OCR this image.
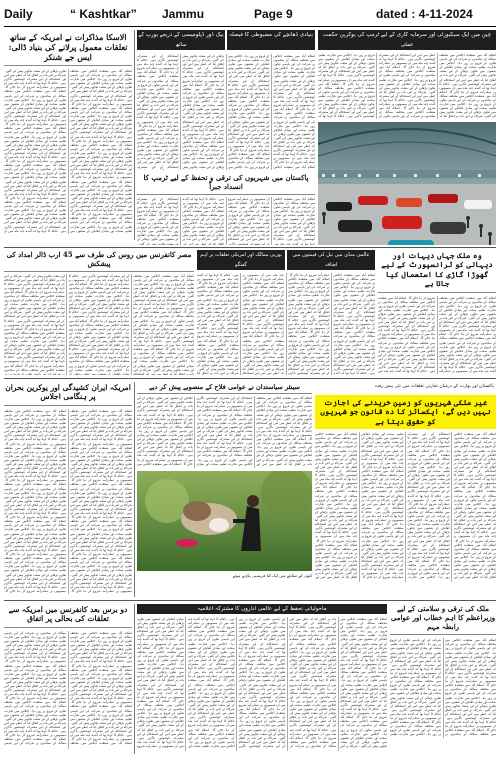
Daily	“ Kashtkar” Jammu	Page 9	dated : 4-11-2024
الاسکا مذاکرات نے امریکہ کے ساتھ تعلقات معمول پرلانے کی بنیاد ڈالی: ایس جے شنکر
اسلام آباد میں منعقدہ اجلاس میں مختلف ممالک کے نمائندوں نے شرکت کی اور باہمی تعاون کے فروغ پر زور دیا۔ اجلاس میں تجارت، تعلیم، صحت اور بنیادی ڈھانچے کے شعبوں میں تعاون بڑھانے کے لیے متعدد تجاویز پیش کی گئیں۔ شرکاء نے اس بات پر اتفاق کیا کہ خطے میں امن اور استحکام کے لیے مشترکہ کوششیں ناگزیر ہیں۔ حکام کا کہنا تھا کہ آئندہ چند ماہ میں ان منصوبوں پر عملدرآمد شروع کر دیا جائے گا۔ اسلام آباد میں منعقدہ اجلاس میں مختلف ممالک کے نمائندوں نے شرکت کی اور باہمی تعاون کے فروغ پر زور دیا۔ اجلاس میں تجارت، تعلیم، صحت اور بنیادی ڈھانچے کے شعبوں میں تعاون بڑھانے کے لیے متعدد تجاویز پیش کی گئیں۔ شرکاء نے اس بات پر اتفاق کیا کہ خطے میں امن اور استحکام کے لیے مشترکہ کوششیں ناگزیر ہیں۔ حکام کا کہنا تھا کہ آئندہ چند ماہ میں ان منصوبوں پر عملدرآمد شروع کر دیا جائے گا۔ اسلام آباد میں منعقدہ اجلاس میں مختلف ممالک کے نمائندوں نے شرکت کی اور باہمی تعاون کے فروغ پر زور دیا۔ اجلاس میں تجارت، تعلیم، صحت اور بنیادی ڈھانچے کے شعبوں میں تعاون بڑھانے کے لیے متعدد تجاویز پیش کی گئیں۔ شرکاء نے اس بات پر اتفاق کیا کہ خطے میں امن اور استحکام کے لیے مشترکہ کوششیں ناگزیر ہیں۔ حکام کا کہنا تھا کہ آئندہ چند ماہ میں ان منصوبوں پر عملدرآمد شروع کر دیا جائے گا۔ اسلام آباد میں منعقدہ اجلاس میں مختلف ممالک کے نمائندوں نے شرکت کی اور باہمی تعاون کے فروغ پر زور دیا۔ اجلاس میں تجارت، تعلیم، صحت اور بنیادی ڈھانچے کے شعبوں میں تعاون بڑھانے کے لیے متعدد تجاویز پیش کی گئیں۔ شرکاء نے اس بات پر اتفاق کیا کہ خطے میں امن اور استحکام کے لیے مشترکہ کوششیں ناگزیر ہیں۔ حکام کا کہنا تھا کہ آئندہ چند ماہ میں ان منصوبوں پر عملدرآمد شروع کر دیا جائے گا۔ اسلام آباد میں منعقدہ اجلاس میں مختلف ممالک کے نمائندوں نے شرکت کی اور باہمی تعاون کے فروغ پر زور دیا۔ اجلاس میں تجارت، تعلیم، صحت اور بنیادی ڈھانچے کے شعبوں میں تعاون بڑھانے کے لیے متعدد تجاویز پیش کی گئیں۔ شرکاء نے اس بات پر اتفاق کیا کہ خطے میں امن اور استحکام کے لیے مشترکہ کوششیں ناگزیر ہیں۔ حکام کا کہنا تھا کہ آئندہ چند ماہ میں ان منصوبوں پر عملدرآمد شروع کر دیا جائے گا۔ اسلام آباد میں منعقدہ اجلاس میں مختلف ممالک کے نمائندوں نے شرکت کی اور باہمی تعاون کے فروغ پر زور دیا۔ اجلاس میں تجارت، تعلیم، صحت اور بنیادی ڈھانچے کے شعبوں میں تعاون بڑھانے کے لیے متعدد تجاویز پیش کی گئیں۔ شرکاء نے اس بات پر اتفاق کیا کہ خطے میں امن اور استحکام کے لیے مشترکہ کوششیں ناگزیر ہیں۔ حکام کا کہنا تھا کہ آئندہ چند ماہ میں ان منصوبوں پر عملدرآمد شروع کر دیا جائے گا۔ اسلام آباد میں منعقدہ اجلاس میں مختلف ممالک کے نمائندوں نے شرکت کی اور باہمی تعاون کے فروغ پر زور دیا۔ اجلاس میں تجارت، تعلیم، صحت اور بنیادی ڈھانچے کے شعبوں میں تعاون بڑھانے کے لیے متعدد تجاویز پیش کی گئیں۔ شرکاء نے اس بات پر اتفاق کیا کہ خطے میں امن اور استحکام کے لیے مشترکہ کوششیں ناگزیر ہیں۔ حکام کا کہنا تھا کہ آئندہ چند ماہ میں ان منصوبوں پر عملدرآمد شروع کر دیا جائے گا۔ اسلام آباد میں منعقدہ اجلاس میں مختلف ممالک کے نمائندوں نے شرکت کی اور باہمی تعاون کے فروغ پر زور دیا۔ اجلاس میں تجارت، تعلیم، صحت اور بنیادی ڈھانچے کے شعبوں میں تعاون بڑھانے کے لیے متعدد تجاویز پیش کی گئیں۔ شرکاء نے اس بات پر اتفاق کیا کہ خطے میں امن اور استحکام کے لیے مشترکہ کوششیں ناگزیر ہیں۔ حکام کا کہنا تھا کہ آئندہ چند ماہ میں ان منصوبوں پر عملدرآمد شروع کر دیا جائے گا۔ اسلام آباد میں منعقدہ اجلاس میں مختلف ممالک کے نمائندوں نے شرکت کی اور باہمی تعاون کے فروغ پر زور دیا۔ اجلاس میں تجارت، تعلیم، صحت اور بنیادی ڈھانچے کے شعبوں میں تعاون بڑھانے کے لیے متعدد تجاویز پیش کی گئیں۔ شرکاء نے اس بات پر اتفاق کیا کہ خطے میں امن اور استحکام کے لیے مشترکہ کوششیں ناگزیر ہیں۔ حکام کا کہنا تھا کہ آئندہ چند ماہ میں ان
بیک ڈور ڈپلومیسی کے ذریعے یورپ کے ساتھ
بنیادی ڈھانچے کی مضبوطی کا فیصلہ
اسلام آباد میں منعقدہ اجلاس میں مختلف ممالک کے نمائندوں نے شرکت کی اور باہمی تعاون کے فروغ پر زور دیا۔ اجلاس میں تجارت، تعلیم، صحت اور بنیادی ڈھانچے کے شعبوں میں تعاون بڑھانے کے لیے متعدد تجاویز پیش کی گئیں۔ شرکاء نے اس بات پر اتفاق کیا کہ خطے میں امن اور استحکام کے لیے مشترکہ کوششیں ناگزیر ہیں۔ حکام کا کہنا تھا کہ آئندہ چند ماہ میں ان منصوبوں پر عملدرآمد شروع کر دیا جائے گا۔ اسلام آباد میں منعقدہ اجلاس میں مختلف ممالک کے نمائندوں نے شرکت کی اور باہمی تعاون کے فروغ پر زور دیا۔ اجلاس میں تجارت، تعلیم، صحت اور بنیادی ڈھانچے کے شعبوں میں تعاون بڑھانے کے لیے متعدد تجاویز پیش کی گئیں۔ شرکاء نے اس بات پر اتفاق کیا کہ خطے میں امن اور استحکام کے لیے مشترکہ کوششیں ناگزیر ہیں۔ حکام کا کہنا تھا کہ آئندہ چند ماہ میں ان منصوبوں پر عملدرآمد شروع کر دیا جائے گا۔ اسلام آباد میں منعقدہ اجلاس کے فروغ پر زور دیا۔ اجلاس میں تجارت، تعلیم، صحت اور بنیادی ڈھانچے کے شعبوں میں تعاون بڑھانے کے لیے متعدد تجاویز پیش کی گئیں۔ شرکاء نے اس بات پر اتفاق کیا کہ خطے میں امن اور استحکام کے لیے مشترکہ کوششیں ناگزیر ہیں۔ حکام کا کہنا تھا کہ آئندہ چند ماہ میں ان منصوبوں پر عملدرآمد شروع کر دیا جائے گا۔ اسلام آباد میں منعقدہ اجلاس میں مختلف ممالک کے نمائندوں نے شرکت کی اور باہمی تعاون کے فروغ پر زور دیا۔ اجلاس میں تجارت، تعلیم، صحت اور بنیادی ڈھانچے کے شعبوں میں تعاون بڑھانے کے لیے متعدد تجاویز پیش کی گئیں۔ شرکاء نے اس بات پر اتفاق کیا کہ خطے میں امن اور استحکام کے لیے مشترکہ کوششیں ناگزیر ہیں۔ حکام کا کہنا تھا کہ آئندہ چند ماہ میں ان منصوبوں پر عملدرآمد شروع کر دیا جائے گا۔ اسلام آباد میں منعقدہ اجلاس میں مختلف ممالک کے نمائندوں نے شرکت کی اور باہمی تعاون کے فروغ پر زور دیا۔ اجلاس میں بڑھانے کے لیے متعدد تجاویز پیش کی گئیں۔ شرکاء نے اس بات پر اتفاق کیا کہ خطے میں امن اور استحکام کے لیے مشترکہ کوششیں ناگزیر ہیں۔ حکام کا کہنا تھا کہ آئندہ چند ماہ میں ان منصوبوں پر عملدرآمد شروع کر دیا جائے گا۔ اسلام آباد میں منعقدہ اجلاس میں مختلف ممالک کے نمائندوں نے شرکت کی اور باہمی تعاون کے فروغ پر زور دیا۔ اجلاس میں تجارت، تعلیم، صحت اور بنیادی ڈھانچے کے شعبوں میں تعاون بڑھانے کے لیے متعدد تجاویز پیش کی گئیں۔ شرکاء نے اس بات پر اتفاق کیا کہ خطے میں امن اور استحکام کے لیے مشترکہ کوششیں ناگزیر ہیں۔ حکام کا کہنا تھا کہ آئندہ چند ماہ میں ان منصوبوں پر عملدرآمد شروع کر دیا جائے گا۔ اسلام آباد میں منعقدہ اجلاس میں مختلف ممالک کے نمائندوں نے شرکت کی اور باہمی تعاون کے فروغ پر زور دیا۔ اجلاس میں تجارت، تعلیم، صحت اور بنیادی ڈھانچے کے شعبوں میں تعاون بڑھانے کے لیے متعدد تجاویز پیش استحکام کے لیے مشترکہ کوششیں ناگزیر ہیں۔ حکام کا کہنا تھا کہ آئندہ چند ماہ میں ان منصوبوں پر عملدرآمد شروع کر دیا جائے گا۔ اسلام آباد میں منعقدہ اجلاس میں مختلف ممالک کے نمائندوں نے شرکت کی اور باہمی تعاون کے فروغ پر زور دیا۔ اجلاس میں تجارت، تعلیم، صحت اور بنیادی ڈھانچے کے شعبوں میں تعاون بڑھانے کے لیے متعدد تجاویز پیش کی گئیں۔ شرکاء نے اس بات پر اتفاق کیا کہ خطے میں امن اور استحکام کے لیے مشترکہ کوششیں ناگزیر ہیں۔ حکام کا کہنا تھا کہ آئندہ چند ماہ میں ان منصوبوں پر عملدرآمد شروع کر دیا جائے گا۔ اسلام آباد میں منعقدہ اجلاس میں مختلف ممالک کے نمائندوں نے شرکت کی اور باہمی تعاون کے فروغ پر زور دیا۔ اجلاس میں تجارت، تعلیم، صحت اور بنیادی ڈھانچے کے شعبوں میں تعاون بڑھانے کے لیے متعدد تجاویز پیش کی گئیں۔ شرکاء نے اس بات پر اتفاق کیا کہ خطے میں امن اور استحکام کے لیے مشترکہ
چین میں ایک سیکیورٹی اور سرمایہ کاری کے لیے ٹرمپ کی یوکرین حکمت عملی
اسلام آباد میں منعقدہ اجلاس میں مختلف ممالک کے نمائندوں نے شرکت کی اور باہمی تعاون کے فروغ پر زور دیا۔ اجلاس میں تجارت، تعلیم، صحت اور بنیادی ڈھانچے کے شعبوں میں تعاون بڑھانے کے لیے متعدد تجاویز پیش کی گئیں۔ شرکاء نے اس بات پر اتفاق کیا کہ خطے میں امن اور استحکام کے لیے مشترکہ کوششیں ناگزیر ہیں۔ حکام کا کہنا تھا کہ آئندہ چند ماہ میں ان منصوبوں پر عملدرآمد شروع کر دیا جائے گا۔ اسلام آباد میں منعقدہ اجلاس میں مختلف ممالک کے نمائندوں نے شرکت کی اور باہمی تعاون کے فروغ پر زور دیا۔ اجلاس میں تجارت، تعلیم، صحت اور بنیادی ڈھانچے کے شعبوں میں تعاون بڑھانے کے لیے متعدد تجاویز پیش کی گئیں۔ شرکاء نے اس بات پر اتفاق کیا کہ خطے میں امن اور استحکام کے لیے مشترکہ کوششیں ناگزیر ہیں۔ حکام کا کہنا تھا کہ آئندہ چند ماہ میں ان منصوبوں پر عملدرآمد شروع کر دیا جائے گا۔ اسلام آباد میں منعقدہ اجلاس میں مختلف ممالک کے نمائندوں نے شرکت کی اور باہمی تعاون کے فروغ پر زور دیا۔ اجلاس میں تجارت، تعلیم، صحت اور بنیادی ڈھانچے کے شعبوں میں تعاون بڑھانے کے لیے متعدد تجاویز پیش کی گئیں۔ شرکاء نے اس بات پر اتفاق کیا کہ خطے میں امن اور استحکام کے لیے مشترکہ کوششیں ناگزیر ہیں۔ حکام کا کہنا تھا کہ آئندہ چند ماہ میں ان منصوبوں پر عملدرآمد شروع کر دیا جائے گا۔ اسلام آباد میں منعقدہ اجلاس میں مختلف ممالک کے نمائندوں نے شرکت کی اور باہمی تعاون کے فروغ پر زور دیا۔ اجلاس میں تجارت، تعلیم، صحت اور بنیادی ڈھانچے کے شعبوں میں تعاون بڑھانے کے لیے متعدد تجاویز پیش کی گئیں۔ شرکاء نے اس بات پر اتفاق کیا کہ خطے میں امن اور استحکام کے لیے مشترکہ کوششیں ناگزیر ہیں۔ حکام کا کہنا تھا کہ آئندہ چند ماہ میں ان منصوبوں پر عملدرآمد شروع کر دیا جائے گا۔ اسلام آباد میں منعقدہ اجلاس میں مختلف ممالک کے نمائندوں نے شرکت کی اور باہمی تعاون کے فروغ پر زور دیا۔ اجلاس میں تجارت، تعلیم، صحت اور بنیادی ڈھانچے کے شعبوں میں تعاون بڑھانے کے لیے متعدد تجاویز پیش کی گئیں۔ شرکاء نے اس بات پر اتفاق کیا کہ خطے میں امن اور استحکام کے لیے مشترکہ کوششیں ناگزیر ہیں۔ حکام کا کہنا تھا کہ
پاکستان میں شہریوں کی ترقی و تحفظ کے لیے ٹرمپ کا انسداد جبراً
اسلام آباد میں منعقدہ اجلاس میں مختلف ممالک کے نمائندوں نے شرکت کی اور باہمی تعاون کے فروغ پر زور دیا۔ اجلاس میں تجارت، تعلیم، صحت اور بنیادی ڈھانچے کے شعبوں میں تعاون بڑھانے کے لیے متعدد تجاویز پیش کی گئیں۔ شرکاء نے اس بات پر اتفاق کیا کہ خطے میں امن اور استحکام کے لیے مشترکہ کوششیں ناگزیر ہیں۔ حکام کا کہنا تھا کہ آئندہ چند ماہ میں ان منصوبوں پر عملدرآمد شروع کر دیا جائے گا۔ اسلام آباد میں منعقدہ اجلاس میں مختلف ممالک کے نمائندوں نے شرکت کی اور باہمی تعاون کے فروغ پر زور دیا۔ اجلاس میں تجارت، تعلیم، صحت اور بنیادی ڈھانچے کے شعبوں میں تعاون بڑھانے کے لیے متعدد تجاویز پیش کی گئیں۔ شرکاء نے اس بات پر اتفاق کیا کہ خطے میں امن اور استحکام کے لیے مشترکہ کوششیں ناگزیر ہیں۔ حکام کا کہنا تھا کہ آئندہ چند ماہ میں ان منصوبوں پر عملدرآمد شروع کر دیا جائے گا۔ اسلام آباد میں منعقدہ اجلاس میں مختلف ممالک کے نمائندوں نے شرکت کی اور باہمی تعاون کے فروغ پر زور دیا۔ اجلاس میں تجارت، تعلیم، صحت اور بنیادی ڈھانچے کے شعبوں میں تعاون بڑھانے کے لیے متعدد تجاویز پیش کی گئیں۔ شرکاء نے اس بات پر اتفاق کیا کہ خطے میں امن اور استحکام کے لیے مشترکہ کوششیں ناگزیر ہیں۔ حکام کا کہنا تھا کہ آئندہ چند ماہ میں ان منصوبوں پر عملدرآمد شروع کر دیا جائے گا۔ اسلام آباد میں منعقدہ اجلاس میں مختلف ممالک کے نمائندوں نے شرکت کی اور باہمی تعاون کے فروغ پر زور دیا۔ اجلاس میں تجارت، تعلیم، صحت اور بنیادی ڈھانچے کے شعبوں میں تعاون بڑھانے کے لیے متعدد تجاویز پیش کی گئیں۔
مصر کانفرنس میں روس کی طرف سے 45 ارب ڈالر امداد کی پیشکش
اسلام آباد میں منعقدہ اجلاس میں مختلف ممالک کے نمائندوں نے شرکت کی اور باہمی تعاون کے فروغ پر زور دیا۔ اجلاس میں تجارت، تعلیم، صحت اور بنیادی ڈھانچے کے شعبوں میں تعاون بڑھانے کے لیے متعدد تجاویز پیش کی گئیں۔ شرکاء نے اس بات پر اتفاق کیا کہ خطے میں امن اور استحکام کے لیے مشترکہ کوششیں ناگزیر ہیں۔ حکام کا کہنا تھا کہ آئندہ چند ماہ میں ان منصوبوں پر عملدرآمد شروع کر دیا جائے گا۔ اسلام آباد میں منعقدہ اجلاس میں مختلف ممالک کے نمائندوں نے شرکت کی اور باہمی تعاون کے فروغ پر زور دیا۔ اجلاس میں تجارت، تعلیم، صحت اور بنیادی ڈھانچے کے شعبوں میں تعاون بڑھانے کے لیے متعدد تجاویز پیش کی گئیں۔ شرکاء نے اس بات پر اتفاق کیا کہ خطے میں امن اور استحکام کے لیے مشترکہ کوششیں ناگزیر ہیں۔ حکام کا کہنا تھا کہ آئندہ چند ماہ میں ان منصوبوں پر عملدرآمد شروع کر دیا جائے گا۔ اسلام آباد میں منعقدہ اجلاس میں مختلف ممالک کے نمائندوں نے شرکت کی اور باہمی تعاون کے فروغ پر زور دیا۔ اجلاس میں تجارت، تعلیم، صحت اور بنیادی ڈھانچے کے شعبوں میں تعاون بڑھانے کے لیے متعدد تجاویز پیش کی گئیں۔ شرکاء نے اس بات پر اتفاق کیا کہ خطے میں امن اور استحکام کے لیے مشترکہ کوششیں ناگزیر ہیں۔ حکام کا کہنا تھا کہ آئندہ چند ماہ میں ان منصوبوں پر عملدرآمد شروع کر دیا جائے گا۔ اسلام آباد میں منعقدہ اجلاس میں مختلف ممالک کے نمائندوں نے شرکت کی اور باہمی تعاون کے فروغ پر زور دیا۔ اجلاس میں تجارت، تعلیم، صحت اور بنیادی ڈھانچے کے شعبوں میں تعاون بڑھانے کے لیے متعدد تجاویز پیش کی گئیں۔ شرکاء نے اس بات پر اتفاق کیا کہ خطے میں امن اور استحکام کے لیے مشترکہ کوششیں ناگزیر ہیں۔ حکام کا کہنا تھا کہ آئندہ چند ماہ میں ان منصوبوں پر عملدرآمد شروع کر دیا جائے گا۔ اسلام آباد میں منعقدہ اجلاس میں مختلف ممالک کے نمائندوں نے شرکت کی اور باہمی تعاون کے فروغ پر زور دیا۔ اجلاس میں تجارت، تعلیم، صحت اور بنیادی ڈھانچے کے شعبوں میں تعاون بڑھانے کے لیے متعدد تجاویز پیش کی گئیں۔ شرکاء نے اس بات پر اتفاق کیا کہ خطے میں امن اور استحکام کے لیے مشترکہ کوششیں ناگزیر ہیں۔ حکام کا کہنا تھا کہ آئندہ چند ماہ میں ان منصوبوں پر عملدرآمد شروع کر دیا جائے گا۔ اسلام آباد میں منعقدہ اجلاس میں مختلف ممالک کے نمائندوں نے شرکت کی اور باہمی تعاون کے فروغ پر زور دیا۔ اجلاس میں تجارت، تعلیم، صحت اور بنیادی ڈھانچے کے شعبوں میں تعاون بڑھانے کے لیے متعدد تجاویز پیش کی گئیں۔ شرکاء نے اس بات پر اتفاق کیا کہ خطے میں امن اور استحکام کے لیے مشترکہ کوششیں ناگزیر ہیں۔ حکام کا کہنا تھا کہ آئندہ چند ماہ میں ان منصوبوں پر عملدرآمد شروع کر دیا جائے گا۔ اسلام آباد میں منعقدہ اجلاس میں مختلف ممالک کے نمائندوں نے شرکت کی اور باہمی تعاون کے فروغ پر زور دیا۔ اجلاس میں تجارت، تعلیم، صحت اور بنیادی ڈھانچے کے شعبوں میں تعاون بڑھانے کے لیے متعدد تجاویز پیش کی گئیں۔ شرکاء نے اس بات پر اتفاق کیا کہ خطے میں امن اور استحکام کے لیے مشترکہ کوششیں ناگزیر ہیں۔ حکام کا کہنا تھا کہ آئندہ چند ماہ میں ان منصوبوں پر عملدرآمد شروع کر دیا جائے گا۔ اسلام آباد میں منعقدہ اجلاس میں مختلف ممالک کے نمائندوں نے شرکت کی اور باہمی تعاون کے فروغ پر زور دیا۔ اجلاس میں تجارت، تعلیم، صحت اور بنیادی ڈھانچے کے شعبوں میں تعاون بڑھانے کے لیے متعدد تجاویز پیش کی گئیں۔ شرکاء نے اس بات پر اتفاق کیا کہ خطے میں امن اور استحکام کے لیے مشترکہ کوششیں ناگزیر ہیں۔ حکام کا کہنا تھا کہ آئندہ چند ماہ میں ان منصوبوں پر عملدرآمد شروع کر دیا جائے گا۔ اسلام آباد میں منعقدہ اجلاس میں مختلف ممالک کے نمائندوں نے شرکت کی اور باہمی تعاون کے فروغ پر زور
یورپی ممالک اور امریکی تعلقات پر اہم گفتگو
عالمی منڈی میں تیل کی قیمتوں میں اضافہ
اسلام آباد میں منعقدہ اجلاس میں مختلف ممالک کے نمائندوں نے شرکت کی اور باہمی تعاون کے فروغ پر زور دیا۔ اجلاس میں تجارت، تعلیم، صحت اور بنیادی ڈھانچے کے شعبوں میں تعاون بڑھانے کے لیے متعدد تجاویز پیش کی گئیں۔ شرکاء نے اس بات پر اتفاق کیا کہ خطے میں امن اور استحکام کے لیے مشترکہ کوششیں ناگزیر ہیں۔ حکام کا کہنا تھا کہ آئندہ چند ماہ میں ان منصوبوں پر عملدرآمد شروع کر دیا جائے گا۔ اسلام آباد میں منعقدہ اجلاس میں مختلف ممالک کے نمائندوں نے شرکت کی اور باہمی تعاون کے فروغ پر زور دیا۔ اجلاس میں تجارت، تعلیم، صحت اور بنیادی ڈھانچے کے شعبوں میں تعاون بڑھانے کے لیے متعدد تجاویز پیش کی گئیں۔ شرکاء نے اس بات پر اتفاق کیا کہ خطے میں امن اور استحکام کے لیے مشترکہ کوششیں ناگزیر ہیں۔ حکام کا کہنا تھا کہ آئندہ عملدرآمد شروع کر دیا جائے گا۔ اسلام آباد میں منعقدہ اجلاس میں مختلف ممالک کے نمائندوں نے شرکت کی اور باہمی تعاون کے فروغ پر زور دیا۔ اجلاس میں تجارت، تعلیم، صحت اور بنیادی ڈھانچے کے شعبوں میں تعاون بڑھانے کے لیے متعدد تجاویز پیش کی گئیں۔ شرکاء نے اس بات پر اتفاق کیا کہ خطے میں امن اور استحکام کے لیے مشترکہ کوششیں ناگزیر ہیں۔ حکام کا کہنا تھا کہ آئندہ چند ماہ میں ان منصوبوں پر عملدرآمد شروع کر دیا جائے گا۔ اسلام آباد میں منعقدہ اجلاس میں مختلف ممالک کے نمائندوں نے شرکت کی اور باہمی تعاون کے فروغ پر زور دیا۔ اجلاس میں تجارت، تعلیم، صحت اور بنیادی ڈھانچے کے شعبوں میں تعاون بڑھانے کے لیے متعدد تجاویز پیش کی گئیں۔ شرکاء نے اس بات پر اتفاق کیا کہ خطے میں امن اور استحکام کے لیے مشترکہ کوششیں ناگزیر چند ماہ میں ان منصوبوں پر عملدرآمد شروع کر دیا جائے گا۔ اسلام آباد میں منعقدہ اجلاس میں مختلف ممالک کے نمائندوں نے شرکت کی اور باہمی تعاون کے فروغ پر زور دیا۔ اجلاس میں تجارت، تعلیم، صحت اور بنیادی ڈھانچے کے شعبوں میں تعاون بڑھانے کے لیے متعدد تجاویز پیش کی گئیں۔ شرکاء نے اس بات پر اتفاق کیا کہ خطے میں امن اور استحکام کے لیے مشترکہ کوششیں ناگزیر ہیں۔ حکام کا کہنا تھا کہ آئندہ چند ماہ میں ان منصوبوں پر عملدرآمد شروع کر دیا جائے گا۔ اسلام آباد میں منعقدہ اجلاس میں مختلف ممالک کے نمائندوں نے شرکت کی اور باہمی تعاون کے فروغ پر زور دیا۔ اجلاس میں تجارت، تعلیم، صحت اور بنیادی ڈھانچے کے شعبوں میں تعاون بڑھانے کے لیے متعدد تجاویز پیش کی گئیں۔ شرکاء نے اس بات پر اتفاق کیا کہ خطے میں امن اور استحکام ہیں۔ حکام کا کہنا تھا کہ آئندہ چند ماہ میں ان منصوبوں پر عملدرآمد شروع کر دیا جائے گا۔ اسلام آباد میں منعقدہ اجلاس میں مختلف ممالک کے نمائندوں نے شرکت کی اور باہمی تعاون کے فروغ پر زور دیا۔ اجلاس میں تجارت، تعلیم، صحت اور بنیادی ڈھانچے کے شعبوں میں تعاون بڑھانے کے لیے متعدد تجاویز پیش کی گئیں۔ شرکاء نے اس بات پر اتفاق کیا کہ خطے میں امن اور استحکام کے لیے مشترکہ کوششیں ناگزیر ہیں۔ حکام کا کہنا تھا کہ آئندہ چند ماہ میں ان منصوبوں پر عملدرآمد شروع کر دیا جائے گا۔ اسلام آباد میں منعقدہ اجلاس میں مختلف ممالک کے نمائندوں نے شرکت کی اور باہمی تعاون کے فروغ پر زور دیا۔ اجلاس میں تجارت، تعلیم، صحت اور بنیادی ڈھانچے کے شعبوں میں تعاون بڑھانے کے لیے متعدد تجاویز پیش کی گئیں۔ شرکاء نے اس بات پر اتفاق کیا
وہ ملک جہاں دیہات اور دیہاتی کو ٹرانسپورٹ کے لیے گھوڑا گاڑی کا استعمال کیا جاتا ہے
اسلام آباد میں منعقدہ اجلاس میں مختلف ممالک کے نمائندوں نے شرکت کی اور باہمی تعاون کے فروغ پر زور دیا۔ اجلاس میں تجارت، تعلیم، صحت اور بنیادی ڈھانچے کے شعبوں میں تعاون بڑھانے کے لیے متعدد تجاویز پیش کی گئیں۔ شرکاء نے اس بات پر اتفاق کیا کہ خطے میں امن اور استحکام کے لیے مشترکہ کوششیں ناگزیر ہیں۔ حکام کا کہنا تھا کہ آئندہ چند ماہ میں ان منصوبوں پر عملدرآمد شروع کر دیا جائے گا۔ اسلام آباد میں منعقدہ اجلاس میں مختلف ممالک کے نمائندوں نے شرکت کی اور باہمی تعاون کے فروغ پر زور دیا۔ اجلاس میں تجارت، تعلیم، صحت اور بنیادی ڈھانچے کے شعبوں میں تعاون بڑھانے کے لیے متعدد تجاویز پیش کی گئیں۔ شرکاء نے اس بات پر اتفاق کیا کہ خطے میں امن اور استحکام کے لیے مشترکہ کوششیں ناگزیر ہیں۔ حکام کا کہنا تھا کہ آئندہ چند ماہ میں ان منصوبوں پر عملدرآمد شروع کر دیا جائے گا۔ اسلام آباد میں منعقدہ اجلاس میں مختلف ممالک کے نمائندوں نے شرکت کی اور باہمی تعاون کے فروغ پر زور دیا۔ اجلاس میں تجارت، تعلیم، صحت اور بنیادی ڈھانچے کے شعبوں میں تعاون بڑھانے کے لیے متعدد تجاویز پیش کی گئیں۔ شرکاء نے اس بات پر اتفاق کیا کہ خطے میں امن اور استحکام کے لیے مشترکہ کوششیں ناگزیر ہیں۔ حکام کا کہنا تھا کہ آئندہ چند ماہ میں ان منصوبوں پر عملدرآمد شروع کر دیا جائے گا۔ اسلام آباد میں منعقدہ اجلاس میں مختلف ممالک کے نمائندوں نے شرکت کی اور باہمی تعاون کے فروغ پر زور دیا۔ اجلاس میں تجارت، تعلیم، صحت اور بنیادی ڈھانچے کے شعبوں میں تعاون بڑھانے کے لیے متعدد تجاویز پیش کی گئیں۔ شرکاء نے اس بات پر اتفاق کیا کہ خطے میں امن اور استحکام کے لیے مشترکہ کوششیں ناگزیر ہیں۔ حکام کا کہنا تھا کہ آئندہ چند ماہ میں
امریکہ ایران کشیدگی اور یوکرین بحران پر ہنگامی اجلاس
اسلام آباد میں منعقدہ اجلاس میں مختلف ممالک کے نمائندوں نے شرکت کی اور باہمی تعاون کے فروغ پر زور دیا۔ اجلاس میں تجارت، تعلیم، صحت اور بنیادی ڈھانچے کے شعبوں میں تعاون بڑھانے کے لیے متعدد تجاویز پیش کی گئیں۔ شرکاء نے اس بات پر اتفاق کیا کہ خطے میں امن اور استحکام کے لیے مشترکہ کوششیں ناگزیر ہیں۔ حکام کا کہنا تھا کہ آئندہ چند ماہ میں ان منصوبوں پر عملدرآمد شروع کر دیا جائے گا۔ اسلام آباد میں منعقدہ اجلاس میں مختلف ممالک کے نمائندوں نے شرکت کی اور باہمی تعاون کے فروغ پر زور دیا۔ اجلاس میں تجارت، تعلیم، صحت اور بنیادی ڈھانچے کے شعبوں میں تعاون بڑھانے کے لیے متعدد تجاویز پیش کی گئیں۔ شرکاء نے اس بات پر اتفاق کیا کہ خطے میں امن اور استحکام کے لیے مشترکہ کوششیں ناگزیر ہیں۔ حکام کا کہنا تھا کہ آئندہ چند ماہ میں ان منصوبوں پر عملدرآمد شروع کر دیا جائے گا۔ اسلام آباد میں منعقدہ اجلاس میں مختلف ممالک کے نمائندوں نے شرکت کی اور باہمی تعاون کے فروغ پر زور دیا۔ اجلاس میں تجارت، تعلیم، صحت اور بنیادی ڈھانچے کے شعبوں میں تعاون بڑھانے کے لیے متعدد تجاویز پیش کی گئیں۔ شرکاء نے اس بات پر اتفاق کیا کہ خطے میں امن اور استحکام کے لیے مشترکہ کوششیں ناگزیر ہیں۔ حکام کا کہنا تھا کہ آئندہ چند ماہ میں ان منصوبوں پر عملدرآمد شروع کر دیا جائے گا۔ اسلام آباد میں منعقدہ اجلاس میں مختلف ممالک کے نمائندوں نے شرکت کی اور باہمی تعاون کے فروغ پر زور دیا۔ اجلاس میں تجارت، تعلیم، صحت اور بنیادی ڈھانچے کے شعبوں میں تعاون بڑھانے کے لیے متعدد تجاویز پیش کی گئیں۔ شرکاء نے اس بات پر اتفاق کیا کہ خطے میں امن اور استحکام کے لیے مشترکہ کوششیں ناگزیر ہیں۔ حکام کا کہنا تھا کہ آئندہ چند ماہ میں ان منصوبوں پر عملدرآمد شروع کر دیا جائے گا۔ اسلام آباد میں منعقدہ اجلاس میں مختلف ممالک کے نمائندوں نے شرکت کی اور باہمی تعاون کے فروغ پر زور دیا۔ اجلاس میں تجارت، تعلیم، صحت اور بنیادی ڈھانچے کے شعبوں میں تعاون بڑھانے کے لیے متعدد تجاویز پیش کی گئیں۔ شرکاء نے اس بات پر اتفاق کیا کہ خطے میں امن اور استحکام کے لیے مشترکہ کوششیں ناگزیر ہیں۔ حکام کا کہنا تھا کہ آئندہ چند ماہ میں ان منصوبوں پر عملدرآمد شروع کر دیا جائے گا۔ اسلام آباد میں منعقدہ اجلاس میں مختلف ممالک کے نمائندوں نے شرکت کی اور باہمی تعاون کے فروغ پر زور دیا۔ اجلاس میں تجارت، تعلیم، صحت اور بنیادی ڈھانچے کے شعبوں میں تعاون بڑھانے کے لیے متعدد تجاویز پیش کی گئیں۔ شرکاء نے اس بات پر اتفاق کیا کہ خطے میں امن اور استحکام کے لیے مشترکہ کوششیں ناگزیر ہیں۔ حکام کا کہنا تھا کہ آئندہ چند ماہ میں ان منصوبوں پر عملدرآمد شروع کر دیا جائے گا۔ اسلام آباد میں منعقدہ اجلاس میں مختلف ممالک کے نمائندوں نے شرکت کی اور باہمی تعاون کے فروغ پر زور دیا۔ اجلاس میں تجارت، تعلیم، صحت اور بنیادی ڈھانچے کے شعبوں میں تعاون بڑھانے کے لیے متعدد تجاویز پیش کی گئیں۔ شرکاء نے اس بات پر اتفاق کیا کہ خطے میں امن اور استحکام کے لیے مشترکہ کوششیں ناگزیر ہیں۔ حکام کا کہنا تھا کہ آئندہ چند ماہ میں ان منصوبوں پر عملدرآمد شروع کر دیا جائے گا۔ اسلام آباد میں منعقدہ اجلاس میں مختلف ممالک کے نمائندوں نے شرکت کی اور باہمی تعاون کے فروغ پر زور دیا۔ اجلاس میں تجارت، تعلیم، صحت اور بنیادی ڈھانچے کے شعبوں میں تعاون بڑھانے کے لیے متعدد تجاویز پیش کی گئیں۔ شرکاء نے اس بات پر اتفاق کیا کہ خطے میں امن اور استحکام کے لیے مشترکہ کوششیں ناگزیر ہیں۔ حکام کا کہنا تھا کہ آئندہ چند ماہ میں ان منصوبوں پر عملدرآمد شروع کر دیا جائے گا۔ اسلام آباد میں منعقدہ اجلاس میں مختلف ممالک کے نمائندوں نے شرکت کی اور باہمی تعاون کے فروغ پر زور دیا۔ اجلاس میں تجارت، تعلیم، صحت اور بنیادی ڈھانچے کے شعبوں میں تعاون بڑھانے کے لیے متعدد تجاویز پیش کی گئیں۔ شرکاء نے اس بات پر اتفاق کیا کہ خطے میں امن اور استحکام کے لیے مشترکہ کوششیں ناگزیر ہیں۔ حکام کا کہنا تھا کہ آئندہ چند ماہ میں ان منصوبوں پر عملدرآمد شروع کر دیا جائے گا۔ اسلام آباد میں منعقدہ اجلاس میں مختلف ممالک کے نمائندوں نے شرکت کی اور باہمی تعاون کے فروغ پر زور دیا۔ اجلاس میں تجارت، تعلیم، صحت اور بنیادی ڈھانچے کے شعبوں میں تعاون بڑھانے کے لیے متعدد تجاویز پیش کی گئیں۔ شرکاء نے اس بات پر اتفاق کیا کہ خطے میں امن اور استحکام کے لیے مشترکہ کوششیں ناگزیر ہیں۔ حکام کا کہنا تھا کہ آئندہ چند ماہ میں ان منصوبوں پر عملدرآمد شروع کر دیا جائے گا۔
سینئر سیاستدان نے عوامی فلاح کے منصوبے پیش کر دیے
اسلام آباد میں منعقدہ اجلاس میں مختلف ممالک کے نمائندوں نے شرکت کی اور باہمی تعاون کے فروغ پر زور دیا۔ اجلاس میں تجارت، تعلیم، صحت اور بنیادی ڈھانچے کے شعبوں میں تعاون بڑھانے کے لیے متعدد تجاویز پیش کی گئیں۔ شرکاء نے اس بات پر اتفاق کیا کہ خطے میں امن اور استحکام کے لیے مشترکہ کوششیں ناگزیر ہیں۔ حکام کا کہنا تھا کہ آئندہ چند ماہ میں ان منصوبوں پر عملدرآمد شروع کر دیا جائے گا۔ اسلام آباد میں منعقدہ اجلاس میں مختلف ممالک کے نمائندوں نے شرکت کی اور باہمی تعاون کے فروغ پر زور دیا۔ اجلاس میں تجارت، تعلیم، صحت اور بنیادی ڈھانچے کے شعبوں میں تعاون بڑھانے کے لیے متعدد تجاویز پیش کی گئیں۔ شرکاء نے اس بات پر اتفاق کیا کہ خطے میں امن اور استحکام کے لیے مشترکہ کوششیں ناگزیر ہیں۔ حکام کا کہنا تھا کہ آئندہ چند ماہ میں ان منصوبوں پر عملدرآمد شروع کر دیا جائے گا۔ اسلام آباد میں منعقدہ اجلاس میں مختلف ممالک کے نمائندوں نے شرکت کی اور باہمی تعاون کے فروغ پر زور دیا۔ اجلاس میں تجارت، تعلیم، صحت اور بنیادی ڈھانچے کے شعبوں میں تعاون بڑھانے کے لیے متعدد تجاویز پیش کی گئیں۔ شرکاء نے اس بات پر اتفاق کیا کہ خطے میں امن اور استحکام کے لیے مشترکہ کوششیں ناگزیر ہیں۔ حکام کا کہنا تھا کہ آئندہ چند ماہ میں ان منصوبوں پر عملدرآمد شروع کر دیا جائے گا۔ اسلام آباد میں منعقدہ اجلاس میں مختلف ممالک کے نمائندوں نے شرکت کی اور باہمی تعاون کے فروغ پر زور دیا۔ اجلاس میں تجارت، تعلیم، صحت اور بنیادی ڈھانچے کے شعبوں میں تعاون بڑھانے کے لیے متعدد تجاویز پیش کی گئیں۔ شرکاء نے اس بات پر اتفاق کیا کہ خطے میں امن اور استحکام کے لیے مشترکہ کوششیں ناگزیر ہیں۔ حکام کا کہنا تھا کہ آئندہ چند ماہ میں ان منصوبوں پر عملدرآمد شروع کر دیا جائے گا۔ اسلام آباد میں منعقدہ اجلاس میں مختلف ممالک کے نمائندوں نے شرکت کی اور باہمی تعاون کے فروغ پر زور دیا۔ اجلاس میں تجارت، تعلیم، صحت اور بنیادی ڈھانچے کے شعبوں میں تعاون بڑھانے کے لیے متعدد تجاویز پیش کی گئیں۔ شرکاء نے اس بات پر اتفاق کیا کہ خطے میں امن اور استحکام کے لیے مشترکہ کوششیں ناگزیر ہیں۔ حکام کا کہنا تھا کہ آئندہ چند ماہ میں ان منصوبوں پر عملدرآمد شروع کر دیا جائے گا۔ اسلام آباد میں منعقدہ اجلاس میں
کتوں کے مقابلے میں ایک کتا فریسبی پکڑتے ہوئے
پاکستان اور بھارت کے درمیان تجارتی تعلقات میں نئی پیش رفت
غیر ملکی شہریوں کو زمین خریدنے کی اجازت نہیں دیں گے، ایکسائز کا دہ قانون جو شہریوں کو حقوق دیتا ہے
اسلام آباد میں منعقدہ اجلاس میں مختلف ممالک کے نمائندوں نے شرکت کی اور باہمی تعاون کے فروغ پر زور دیا۔ اجلاس میں تجارت، تعلیم، صحت اور بنیادی ڈھانچے کے شعبوں میں تعاون بڑھانے کے لیے متعدد تجاویز پیش کی گئیں۔ شرکاء نے اس بات پر اتفاق کیا کہ خطے میں امن اور استحکام کے لیے مشترکہ کوششیں ناگزیر ہیں۔ حکام کا کہنا تھا کہ آئندہ چند ماہ میں ان منصوبوں پر عملدرآمد شروع کر دیا جائے گا۔ اسلام آباد میں منعقدہ اجلاس میں مختلف ممالک کے نمائندوں نے شرکت کی اور باہمی تعاون کے فروغ پر زور دیا۔ اجلاس میں تجارت، تعلیم، صحت اور بنیادی ڈھانچے کے شعبوں میں تعاون بڑھانے کے لیے متعدد تجاویز پیش کی گئیں۔ شرکاء نے اس بات پر اتفاق کیا کہ خطے میں امن اور استحکام کے لیے مشترکہ کوششیں ناگزیر ہیں۔ حکام کا کہنا تھا کہ آئندہ چند ماہ میں ان منصوبوں پر عملدرآمد شروع کر دیا جائے گا۔ اسلام آباد میں منعقدہ اجلاس میں مختلف ممالک کے نمائندوں نے شرکت کی اور باہمی تعاون کے فروغ پر زور دیا۔ اجلاس میں تجارت، تعلیم، صحت اور بنیادی ڈھانچے کے شعبوں میں تعاون بڑھانے کے لیے متعدد تجاویز پیش کی گئیں۔ شرکاء نے اس بات پر اتفاق کیا کہ خطے میں امن اور استحکام کے لیے مشترکہ کوششیں ناگزیر ہیں۔ حکام کا کہنا تھا کہ آئندہ چند ماہ میں ان منصوبوں پر عملدرآمد شروع کر دیا جائے گا۔ اسلام آباد میں منعقدہ اجلاس میں مختلف ممالک کے نمائندوں نے شرکت کی اور باہمی تعاون کے فروغ پر زور دیا۔ اجلاس میں تجارت، تعلیم، صحت اور بنیادی ڈھانچے کے شعبوں میں تعاون بڑھانے کے لیے متعدد تجاویز پیش کی گئیں۔ شرکاء نے اس بات پر اتفاق کیا کہ خطے میں امن اور استحکام کے لیے مشترکہ کوششیں ناگزیر ہیں۔ حکام کا کہنا تھا کہ آئندہ چند ماہ میں ان منصوبوں پر عملدرآمد شروع کر دیا جائے گا۔ اسلام آباد میں منعقدہ اجلاس میں مختلف ممالک کے نمائندوں نے شرکت کی اور باہمی تعاون کے فروغ پر زور دیا۔ اجلاس میں تجارت، تعلیم، صحت اور بنیادی ڈھانچے کے شعبوں میں تعاون بڑھانے کے لیے متعدد تجاویز پیش کی گئیں۔ شرکاء نے اس بات پر اتفاق کیا کہ خطے میں امن اور استحکام کے لیے مشترکہ کوششیں ناگزیر ہیں۔ حکام کا کہنا تھا کہ آئندہ چند ماہ میں ان منصوبوں پر عملدرآمد شروع کر دیا جائے گا۔ اسلام آباد میں منعقدہ اجلاس میں مختلف ممالک کے نمائندوں نے شرکت کی اور باہمی تعاون کے فروغ پر زور دیا۔ اجلاس میں تجارت، تعلیم، صحت اور بنیادی ڈھانچے کے شعبوں میں تعاون بڑھانے کے لیے متعدد تجاویز پیش کی گئیں۔ شرکاء نے اس بات پر اتفاق کیا کہ خطے میں امن اور استحکام کے لیے مشترکہ کوششیں ناگزیر ہیں۔ حکام کا کہنا تھا کہ آئندہ چند ماہ میں ان منصوبوں پر عملدرآمد شروع کر دیا جائے گا۔ اسلام آباد میں منعقدہ اجلاس میں مختلف ممالک کے نمائندوں نے شرکت کی اور باہمی تعاون کے فروغ پر زور دیا۔ اجلاس میں تجارت، تعلیم، صحت اور بنیادی ڈھانچے کے شعبوں میں تعاون بڑھانے کے لیے متعدد تجاویز پیش کی گئیں۔ شرکاء نے اس بات پر اتفاق کیا کہ خطے میں امن اور استحکام کے لیے مشترکہ کوششیں ناگزیر ہیں۔ حکام کا کہنا تھا کہ آئندہ چند ماہ میں ان منصوبوں پر عملدرآمد شروع کر دیا جائے گا۔ اسلام آباد میں منعقدہ اجلاس میں مختلف ممالک کے نمائندوں نے شرکت کی اور باہمی تعاون کے فروغ پر زور دیا۔ اجلاس میں تجارت، تعلیم، صحت اور بنیادی ڈھانچے کے شعبوں میں تعاون بڑھانے کے لیے متعدد تجاویز پیش کی گئیں۔ شرکاء نے اس بات پر اتفاق کیا کہ خطے میں امن اور استحکام کے لیے مشترکہ کوششیں ناگزیر ہیں۔ حکام کا کہنا تھا کہ آئندہ چند ماہ میں ان منصوبوں پر عملدرآمد شروع کر دیا جائے گا۔ اسلام آباد میں منعقدہ اجلاس میں مختلف ممالک کے نمائندوں نے شرکت کی اور باہمی تعاون کے فروغ پر زور دیا۔ اجلاس میں تجارت، تعلیم، صحت اور بنیادی ڈھانچے کے شعبوں میں تعاون بڑھانے کے لیے متعدد تجاویز پیش کی گئیں۔ شرکاء نے اس بات پر اتفاق کیا کہ خطے میں امن اور استحکام کے لیے مشترکہ کوششیں ناگزیر ہیں۔ حکام کا کہنا تھا کہ آئندہ چند ماہ میں ان منصوبوں پر عملدرآمد شروع کر دیا جائے گا۔ اسلام آباد میں منعقدہ اجلاس میں مختلف ممالک کے نمائندوں نے شرکت کی اور باہمی تعاون کے فروغ پر زور دیا۔ اجلاس میں تجارت، تعلیم، صحت اور بنیادی ڈھانچے کے شعبوں میں تعاون بڑھانے کے لیے متعدد تجاویز پیش کی گئیں۔ شرکاء نے اس بات پر اتفاق کیا کہ خطے میں امن اور استحکام کے لیے مشترکہ کوششیں ناگزیر ہیں۔ حکام کا کہنا تھا کہ آئندہ چند ماہ میں ان منصوبوں پر عملدرآمد شروع کر دیا جائے گا۔ اسلام آباد میں منعقدہ اجلاس میں مختلف ممالک کے نمائندوں نے شرکت کی اور باہمی تعاون کے فروغ پر زور دیا۔ اجلاس میں تجارت، تعلیم، صحت اور بنیادی ڈھانچے کے شعبوں میں تعاون بڑھانے کے لیے متعدد تجاویز پیش کی گئیں۔ شرکاء نے اس بات پر اتفاق کیا کہ خطے میں امن اور
دو برس بعد کانفرنس میں امریکہ سے تعلقات کی بحالی پر اتفاق
اسلام آباد میں منعقدہ اجلاس میں مختلف ممالک کے نمائندوں نے شرکت کی اور باہمی تعاون کے فروغ پر زور دیا۔ اجلاس میں تجارت، تعلیم، صحت اور بنیادی ڈھانچے کے شعبوں میں تعاون بڑھانے کے لیے متعدد تجاویز پیش کی گئیں۔ شرکاء نے اس بات پر اتفاق کیا کہ خطے میں امن اور استحکام کے لیے مشترکہ کوششیں ناگزیر ہیں۔ حکام کا کہنا تھا کہ آئندہ چند ماہ میں ان منصوبوں پر عملدرآمد شروع کر دیا جائے گا۔ اسلام آباد میں منعقدہ اجلاس میں مختلف ممالک کے نمائندوں نے شرکت کی اور باہمی تعاون کے فروغ پر زور دیا۔ اجلاس میں تجارت، تعلیم، صحت اور بنیادی ڈھانچے کے شعبوں میں تعاون بڑھانے کے لیے متعدد تجاویز پیش کی گئیں۔ شرکاء نے اس بات پر اتفاق کیا کہ خطے میں امن اور استحکام کے لیے مشترکہ کوششیں ناگزیر ہیں۔ حکام کا کہنا تھا کہ آئندہ چند ماہ میں ان منصوبوں پر عملدرآمد شروع کر دیا جائے گا۔ اسلام آباد میں منعقدہ اجلاس میں مختلف ممالک کے نمائندوں نے شرکت کی اور باہمی تعاون کے فروغ پر زور دیا۔ اجلاس میں تجارت، تعلیم، صحت اور بنیادی ڈھانچے کے شعبوں میں تعاون بڑھانے کے لیے متعدد تجاویز پیش کی گئیں۔ شرکاء نے اس بات پر اتفاق کیا کہ خطے میں امن اور استحکام کے لیے مشترکہ کوششیں ناگزیر ہیں۔ حکام کا کہنا تھا کہ آئندہ چند ماہ میں ان منصوبوں پر عملدرآمد شروع کر دیا جائے گا۔ اسلام آباد میں منعقدہ اجلاس میں مختلف ممالک کے نمائندوں نے شرکت کی اور باہمی تعاون کے فروغ پر زور دیا۔ اجلاس میں تجارت، تعلیم، صحت اور بنیادی ڈھانچے کے شعبوں میں تعاون بڑھانے کے لیے متعدد تجاویز پیش کی گئیں۔ شرکاء نے اس بات پر اتفاق کیا کہ خطے میں امن اور استحکام کے لیے مشترکہ کوششیں ناگزیر ہیں۔ حکام کا کہنا تھا کہ آئندہ چند ماہ میں ان منصوبوں پر عملدرآمد شروع کر دیا جائے گا۔ اسلام آباد میں منعقدہ اجلاس میں مختلف ممالک کے نمائندوں نے شرکت کی اور باہمی تعاون کے فروغ پر زور دیا۔ اجلاس میں تجارت، تعلیم، صحت اور بنیادی ڈھانچے کے شعبوں میں تعاون بڑھانے کے لیے متعدد تجاویز پیش کی گئیں۔ شرکاء نے اس بات پر اتفاق کیا کہ خطے میں امن اور استحکام کے لیے مشترکہ کوششیں ناگزیر ہیں۔ حکام کا کہنا تھا کہ آئندہ چند ماہ میں ان منصوبوں پر عملدرآمد شروع کر دیا جائے گا۔ اسلام آباد میں منعقدہ اجلاس میں مختلف ممالک کے نمائندوں نے شرکت کی اور باہمی تعاون کے فروغ پر زور دیا۔ اجلاس میں تجارت، تعلیم، صحت اور بنیادی ڈھانچے کے شعبوں میں تعاون بڑھانے کے لیے متعدد تجاویز پیش کی گئیں۔ شرکاء نے اس بات پر اتفاق کیا کہ خطے میں امن اور استحکام کے لیے مشترکہ کوششیں ناگزیر ہیں۔ حکام کا کہنا تھا کہ آئندہ چند ماہ میں ان منصوبوں پر عملدرآمد شروع کر دیا جائے گا۔ اسلام آباد میں منعقدہ اجلاس میں مختلف ممالک کے نمائندوں نے شرکت کی اور باہمی
ماحولیاتی تحفظ کے لیے عالمی اداروں کا مشترکہ اعلامیہ
اسلام آباد میں منعقدہ اجلاس میں مختلف ممالک کے نمائندوں نے شرکت کی اور باہمی تعاون کے فروغ پر زور دیا۔ اجلاس میں تجارت، تعلیم، صحت اور بنیادی ڈھانچے کے شعبوں میں تعاون بڑھانے کے لیے متعدد تجاویز پیش کی گئیں۔ شرکاء نے اس بات پر اتفاق کیا کہ خطے میں امن اور استحکام کے لیے مشترکہ کوششیں ناگزیر ہیں۔ حکام کا کہنا تھا کہ آئندہ چند ماہ میں ان منصوبوں پر عملدرآمد شروع کر دیا جائے گا۔ اسلام آباد میں منعقدہ اجلاس میں مختلف ممالک کے نمائندوں نے شرکت کی اور باہمی تعاون کے فروغ پر زور دیا۔ اجلاس میں تجارت، تعلیم، صحت اور بنیادی ڈھانچے کے شعبوں میں تعاون بڑھانے کے لیے متعدد تجاویز پیش کی گئیں۔ شرکاء نے اس بات پر اتفاق کیا کہ خطے میں امن اور استحکام کے لیے مشترکہ کوششیں ناگزیر ہیں۔ حکام کا کہنا تھا کہ آئندہ چند ماہ میں ان منصوبوں پر عملدرآمد شروع کر دیا جائے گا۔ اسلام آباد میں منعقدہ اجلاس میں مختلف ممالک کے نمائندوں نے شرکت کی اور باہمی تعاون کے فروغ پر زور دیا۔ اجلاس میں تجارت، تعلیم، صحت اور بنیادی ڈھانچے کے شعبوں میں تعاون بڑھانے کے لیے متعدد تجاویز پیش کی گئیں۔ شرکاء نے اس بات پر اتفاق کیا کہ خطے میں امن اور استحکام کے لیے مشترکہ کوششیں ناگزیر ہیں۔ حکام کا کہنا تھا کہ آئندہ چند ماہ میں ان منصوبوں پر عملدرآمد شروع کر دیا جائے گا۔ اسلام آباد میں منعقدہ اجلاس میں مختلف ممالک کے نمائندوں نے شرکت کی اور باہمی تعاون کے فروغ پر زور دیا۔ اجلاس میں تجارت، تعلیم، صحت اور بنیادی ڈھانچے کے شعبوں میں تعاون بڑھانے کے لیے متعدد تجاویز پیش کی گئیں۔ شرکاء نے اس بات پر اتفاق کیا کہ خطے میں امن اور استحکام کے لیے مشترکہ کوششیں ناگزیر ہیں۔ حکام کا کہنا تھا کہ آئندہ چند ماہ میں ان منصوبوں پر عملدرآمد شروع کر دیا جائے گا۔ اسلام آباد میں منعقدہ اجلاس میں مختلف ممالک کے نمائندوں نے شرکت کی اور باہمی تعاون کے فروغ پر زور دیا۔ اجلاس میں تجارت، تعلیم، صحت اور بنیادی ڈھانچے کے شعبوں میں تعاون بڑھانے کے لیے متعدد تجاویز پیش کی گئیں۔ شرکاء نے اس بات پر اتفاق کیا کہ خطے میں امن اور استحکام کے لیے مشترکہ کوششیں ناگزیر ہیں۔ حکام کا کہنا تھا کہ آئندہ چند ماہ میں ان منصوبوں پر عملدرآمد شروع کر دیا جائے گا۔ اسلام آباد میں منعقدہ اجلاس میں مختلف ممالک کے نمائندوں نے شرکت کی اور باہمی تعاون کے فروغ پر زور دیا۔ اجلاس میں تجارت، تعلیم، صحت اور بنیادی ڈھانچے کے شعبوں میں تعاون بڑھانے کے لیے متعدد تجاویز پیش کی گئیں۔ شرکاء نے اس بات پر اتفاق کیا کہ خطے میں امن اور استحکام کے لیے مشترکہ کوششیں ناگزیر ہیں۔ حکام کا کہنا تھا کہ آئندہ چند ماہ میں ان منصوبوں پر عملدرآمد شروع کر دیا جائے گا۔ اسلام آباد میں منعقدہ اجلاس میں مختلف ممالک کے نمائندوں نے شرکت کی اور باہمی تعاون کے فروغ پر زور دیا۔ اجلاس میں تجارت، تعلیم، صحت اور بنیادی ڈھانچے کے شعبوں میں تعاون بڑھانے کے لیے متعدد تجاویز پیش کی گئیں۔ شرکاء نے اس بات پر اتفاق کیا کہ خطے میں امن اور استحکام کے لیے مشترکہ کوششیں ناگزیر ہیں۔ حکام کا کہنا تھا کہ آئندہ چند ماہ میں ان منصوبوں پر عملدرآمد شروع کر دیا جائے گا۔ اسلام آباد میں منعقدہ اجلاس میں مختلف ممالک کے نمائندوں نے شرکت کی اور باہمی تعاون کے فروغ پر زور دیا۔ اجلاس میں تجارت، تعلیم، صحت اور بنیادی ڈھانچے کے شعبوں میں تعاون بڑھانے کے لیے متعدد تجاویز پیش کی گئیں۔ شرکاء نے اس بات پر اتفاق کیا کہ خطے میں امن اور استحکام کے لیے مشترکہ کوششیں ناگزیر ہیں۔ حکام کا کہنا تھا کہ آئندہ چند ماہ میں ان منصوبوں پر عملدرآمد شروع کر دیا جائے گا۔ اسلام آباد میں منعقدہ اجلاس میں مختلف ممالک کے نمائندوں نے شرکت کی اور باہمی تعاون کے فروغ پر زور دیا۔ اجلاس میں تجارت، تعلیم، صحت اور بنیادی ڈھانچے کے شعبوں میں تعاون بڑھانے کے لیے متعدد تجاویز پیش کی گئیں۔ شرکاء نے اس بات پر اتفاق کیا کہ خطے میں امن اور استحکام کے لیے مشترکہ کوششیں ناگزیر ہیں۔ حکام کا کہنا تھا کہ آئندہ چند ماہ میں ان منصوبوں پر عملدرآمد شروع کر دیا جائے گا۔ اسلام آباد میں منعقدہ اجلاس میں مختلف ممالک کے نمائندوں نے شرکت کی اور باہمی تعاون کے فروغ پر زور دیا۔ اجلاس میں تجارت، تعلیم، صحت اور بنیادی ڈھانچے کے شعبوں میں تعاون بڑھانے کے لیے متعدد تجاویز پیش کی گئیں۔ شرکاء نے اس بات پر اتفاق کیا کہ خطے میں امن اور استحکام کے لیے مشترکہ کوششیں ناگزیر ہیں۔ حکام کا کہنا تھا کہ آئندہ چند ماہ میں ان منصوبوں پر عملدرآمد شروع کر دیا جائے گا۔ اسلام آباد میں منعقدہ اجلاس میں مختلف ممالک کے نمائندوں نے شرکت کی اور باہمی تعاون کے فروغ پر زور دیا۔ اجلاس میں تجارت، تعلیم، صحت اور بنیادی ڈھانچے کے شعبوں میں تعاون بڑھانے کے لیے متعدد تجاویز پیش کی گئیں۔ شرکاء نے اس بات پر اتفاق کیا کہ خطے میں امن اور استحکام کے لیے مشترکہ کوششیں ناگزیر ہیں۔ حکام کا کہنا تھا کہ آئندہ چند ماہ میں ان منصوبوں پر عملدرآمد شروع کر دیا جائے گا۔ اسلام آباد میں منعقدہ اجلاس میں مختلف ممالک کے نمائندوں نے شرکت کی اور باہمی تعاون کے فروغ پر زور دیا۔ اجلاس میں تجارت، تعلیم، صحت اور بنیادی ڈھانچے کے شعبوں میں تعاون بڑھانے کے لیے متعدد تجاویز پیش کی گئیں۔ شرکاء نے اس بات پر اتفاق کیا کہ خطے میں امن اور استحکام کے لیے مشترکہ کوششیں ناگزیر ہیں۔ حکام کا کہنا تھا کہ آئندہ چند ماہ میں ان منصوبوں پر عملدرآمد شروع کر دیا جائے گا۔ اسلام آباد میں منعقدہ اجلاس میں مختلف ممالک کے نمائندوں نے شرکت کی اور باہمی تعاون کے فروغ پر زور دیا۔ اجلاس میں تجارت، تعلیم، صحت اور بنیادی ڈھانچے کے شعبوں میں تعاون بڑھانے کے لیے متعدد تجاویز پیش کی گئیں۔ شرکاء نے اس بات پر اتفاق کیا کہ خطے میں امن اور استحکام کے لیے مشترکہ کوششیں ناگزیر ہیں۔ حکام کا کہنا تھا کہ آئندہ چند ماہ میں ان منصوبوں پر عملدرآمد شروع
ملک کی ترقی و سلامتی کے لیے وزیراعظم کا اہم خطاب اور عوامی رابطہ مہم
اسلام آباد میں منعقدہ اجلاس میں مختلف ممالک کے نمائندوں نے شرکت کی اور باہمی تعاون کے فروغ پر زور دیا۔ اجلاس میں تجارت، تعلیم، صحت اور بنیادی ڈھانچے کے شعبوں میں تعاون بڑھانے کے لیے متعدد تجاویز پیش کی گئیں۔ شرکاء نے اس بات پر اتفاق کیا کہ خطے میں امن اور استحکام کے لیے مشترکہ کوششیں ناگزیر ہیں۔ حکام کا کہنا تھا کہ آئندہ چند ماہ میں ان منصوبوں پر عملدرآمد شروع کر دیا جائے گا۔ اسلام آباد میں منعقدہ اجلاس میں مختلف ممالک کے نمائندوں نے شرکت کی اور باہمی تعاون کے فروغ پر زور دیا۔ اجلاس میں تجارت، تعلیم، صحت اور بنیادی ڈھانچے کے شعبوں میں تعاون بڑھانے کے لیے متعدد تجاویز پیش کی گئیں۔ شرکاء نے اس بات پر اتفاق کیا کہ خطے میں امن اور استحکام کے لیے مشترکہ کوششیں ناگزیر ہیں۔ حکام کا کہنا تھا کہ آئندہ چند ماہ میں ان منصوبوں پر عملدرآمد شروع کر دیا جائے گا۔ اسلام آباد میں منعقدہ اجلاس میں مختلف ممالک کے نمائندوں نے شرکت کی اور باہمی تعاون کے فروغ پر زور دیا۔ اجلاس میں تجارت، تعلیم، صحت اور بنیادی ڈھانچے کے شعبوں میں تعاون بڑھانے کے لیے متعدد تجاویز پیش کی گئیں۔ شرکاء نے اس بات پر اتفاق کیا کہ خطے میں امن اور استحکام کے لیے مشترکہ کوششیں ناگزیر ہیں۔ حکام کا کہنا تھا کہ آئندہ چند ماہ میں ان منصوبوں پر عملدرآمد شروع کر دیا جائے گا۔ اسلام آباد میں منعقدہ اجلاس میں مختلف ممالک کے نمائندوں نے شرکت کی اور باہمی تعاون کے فروغ پر زور دیا۔ اجلاس میں تجارت، تعلیم، صحت اور بنیادی ڈھانچے کے شعبوں میں تعاون بڑھانے کے لیے متعدد تجاویز پیش کی گئیں۔ شرکاء نے اس بات پر اتفاق کیا کہ خطے میں امن اور استحکام کے لیے مشترکہ کوششیں ناگزیر ہیں۔ حکام کا کہنا تھا کہ آئندہ چند ماہ میں ان منصوبوں پر عملدرآمد شروع کر دیا جائے گا۔ اسلام آباد میں منعقدہ اجلاس میں مختلف ممالک کے نمائندوں نے شرکت کی اور باہمی تعاون کے فروغ پر زور دیا۔ اجلاس میں تجارت، تعلیم،
